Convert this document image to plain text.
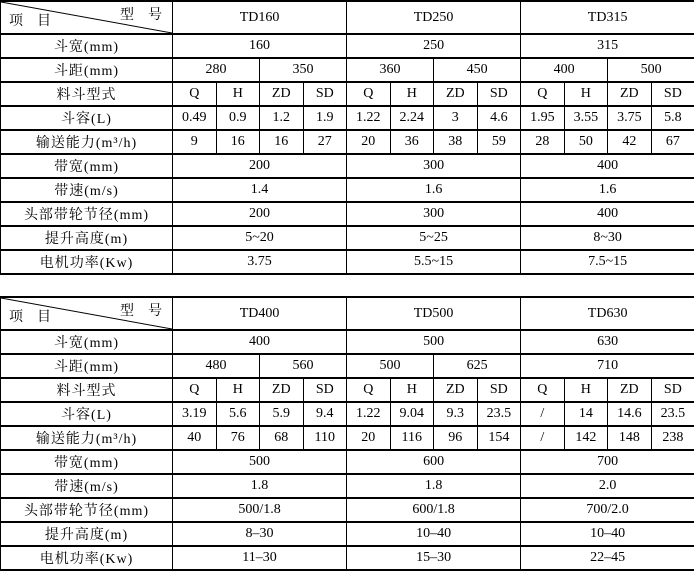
型　号
项　目	TD160				TD250				TD315			
斗宽(mm)	160				250				315			
斗距(mm)	280		350		360		450		400		500	
料斗型式	Q	H	ZD	SD	Q	H	ZD	SD	Q	H	ZD	SD
斗容(L)	0.49	0.9	1.2	1.9	1.22	2.24	3	4.6	1.95	3.55	3.75	5.8
输送能力(m³/h)	9	16	16	27	20	36	38	59	28	50	42	67
带宽(mm)	200				300				400			
带速(m/s)	1.4				1.6				1.6			
头部带轮节径(mm)	200				300				400			
提升高度(m)	5~20				5~25				8~30			
电机功率(Kw)	3.75				5.5~15				7.5~15			
型　号
项　目	TD400				TD500				TD630			
斗宽(mm)	400				500				630			
斗距(mm)	480		560		500		625		710			
料斗型式	Q	H	ZD	SD	Q	H	ZD	SD	Q	H	ZD	SD
斗容(L)	3.19	5.6	5.9	9.4	1.22	9.04	9.3	23.5	/	14	14.6	23.5
输送能力(m³/h)	40	76	68	110	20	116	96	154	/	142	148	238
带宽(mm)	500				600				700			
带速(m/s)	1.8				1.8				2.0			
头部带轮节径(mm)	500/1.8				600/1.8				700/2.0			
提升高度(m)	8–30				10–40				10–40			
电机功率(Kw)	11–30				15–30				22–45			
